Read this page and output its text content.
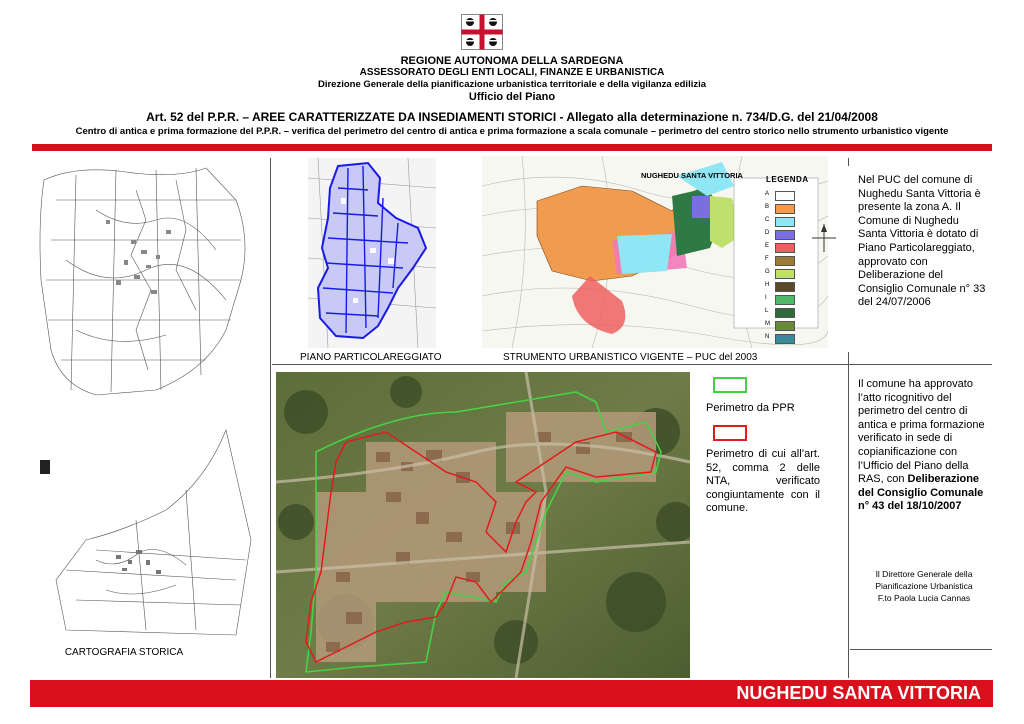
REGIONE AUTONOMA DELLA SARDEGNA
ASSESSORATO DEGLI ENTI LOCALI, FINANZE E URBANISTICA
Direzione Generale della pianificazione urbanistica territoriale e della vigilanza edilizia
Ufficio del Piano
Art. 52 del P.P.R. – AREE CARATTERIZZATE DA INSEDIAMENTI STORICI - Allegato alla determinazione n. 734/D.G. del 21/04/2008
Centro di antica e prima formazione del P.P.R. – verifica del perimetro del centro di antica e prima formazione a scala comunale – perimetro del centro storico nello strumento urbanistico vigente
CARTOGRAFIA STORICA
PIANO PARTICOLAREGGIATO
NUGHEDU SANTA VITTORIA	LEGENDA
A
B
C
D
E
F
G
H
I
L
M
N
STRUMENTO URBANISTICO VIGENTE – PUC del 2003
Nel PUC del comune di Nughedu Santa Vittoria è presente la zona A. Il Comune di Nughedu Santa Vittoria è dotato di Piano Particolareggiato, approvato con Deliberazione del Consiglio Comunale n° 33 del 24/07/2006
Perimetro da PPR
Perimetro di cui all’art. 52, comma 2 delle NTA, verificato congiuntamente con il comune.
Il comune ha approvato l’atto ricognitivo del perimetro del centro di antica e prima formazione verificato in sede di copianificazione con l’Ufficio del Piano della RAS, con Deliberazione del Consiglio Comunale n° 43 del 18/10/2007
Il Direttore Generale della
Pianificazione Urbanistica
F.to Paola Lucia Cannas
NUGHEDU SANTA VITTORIA
